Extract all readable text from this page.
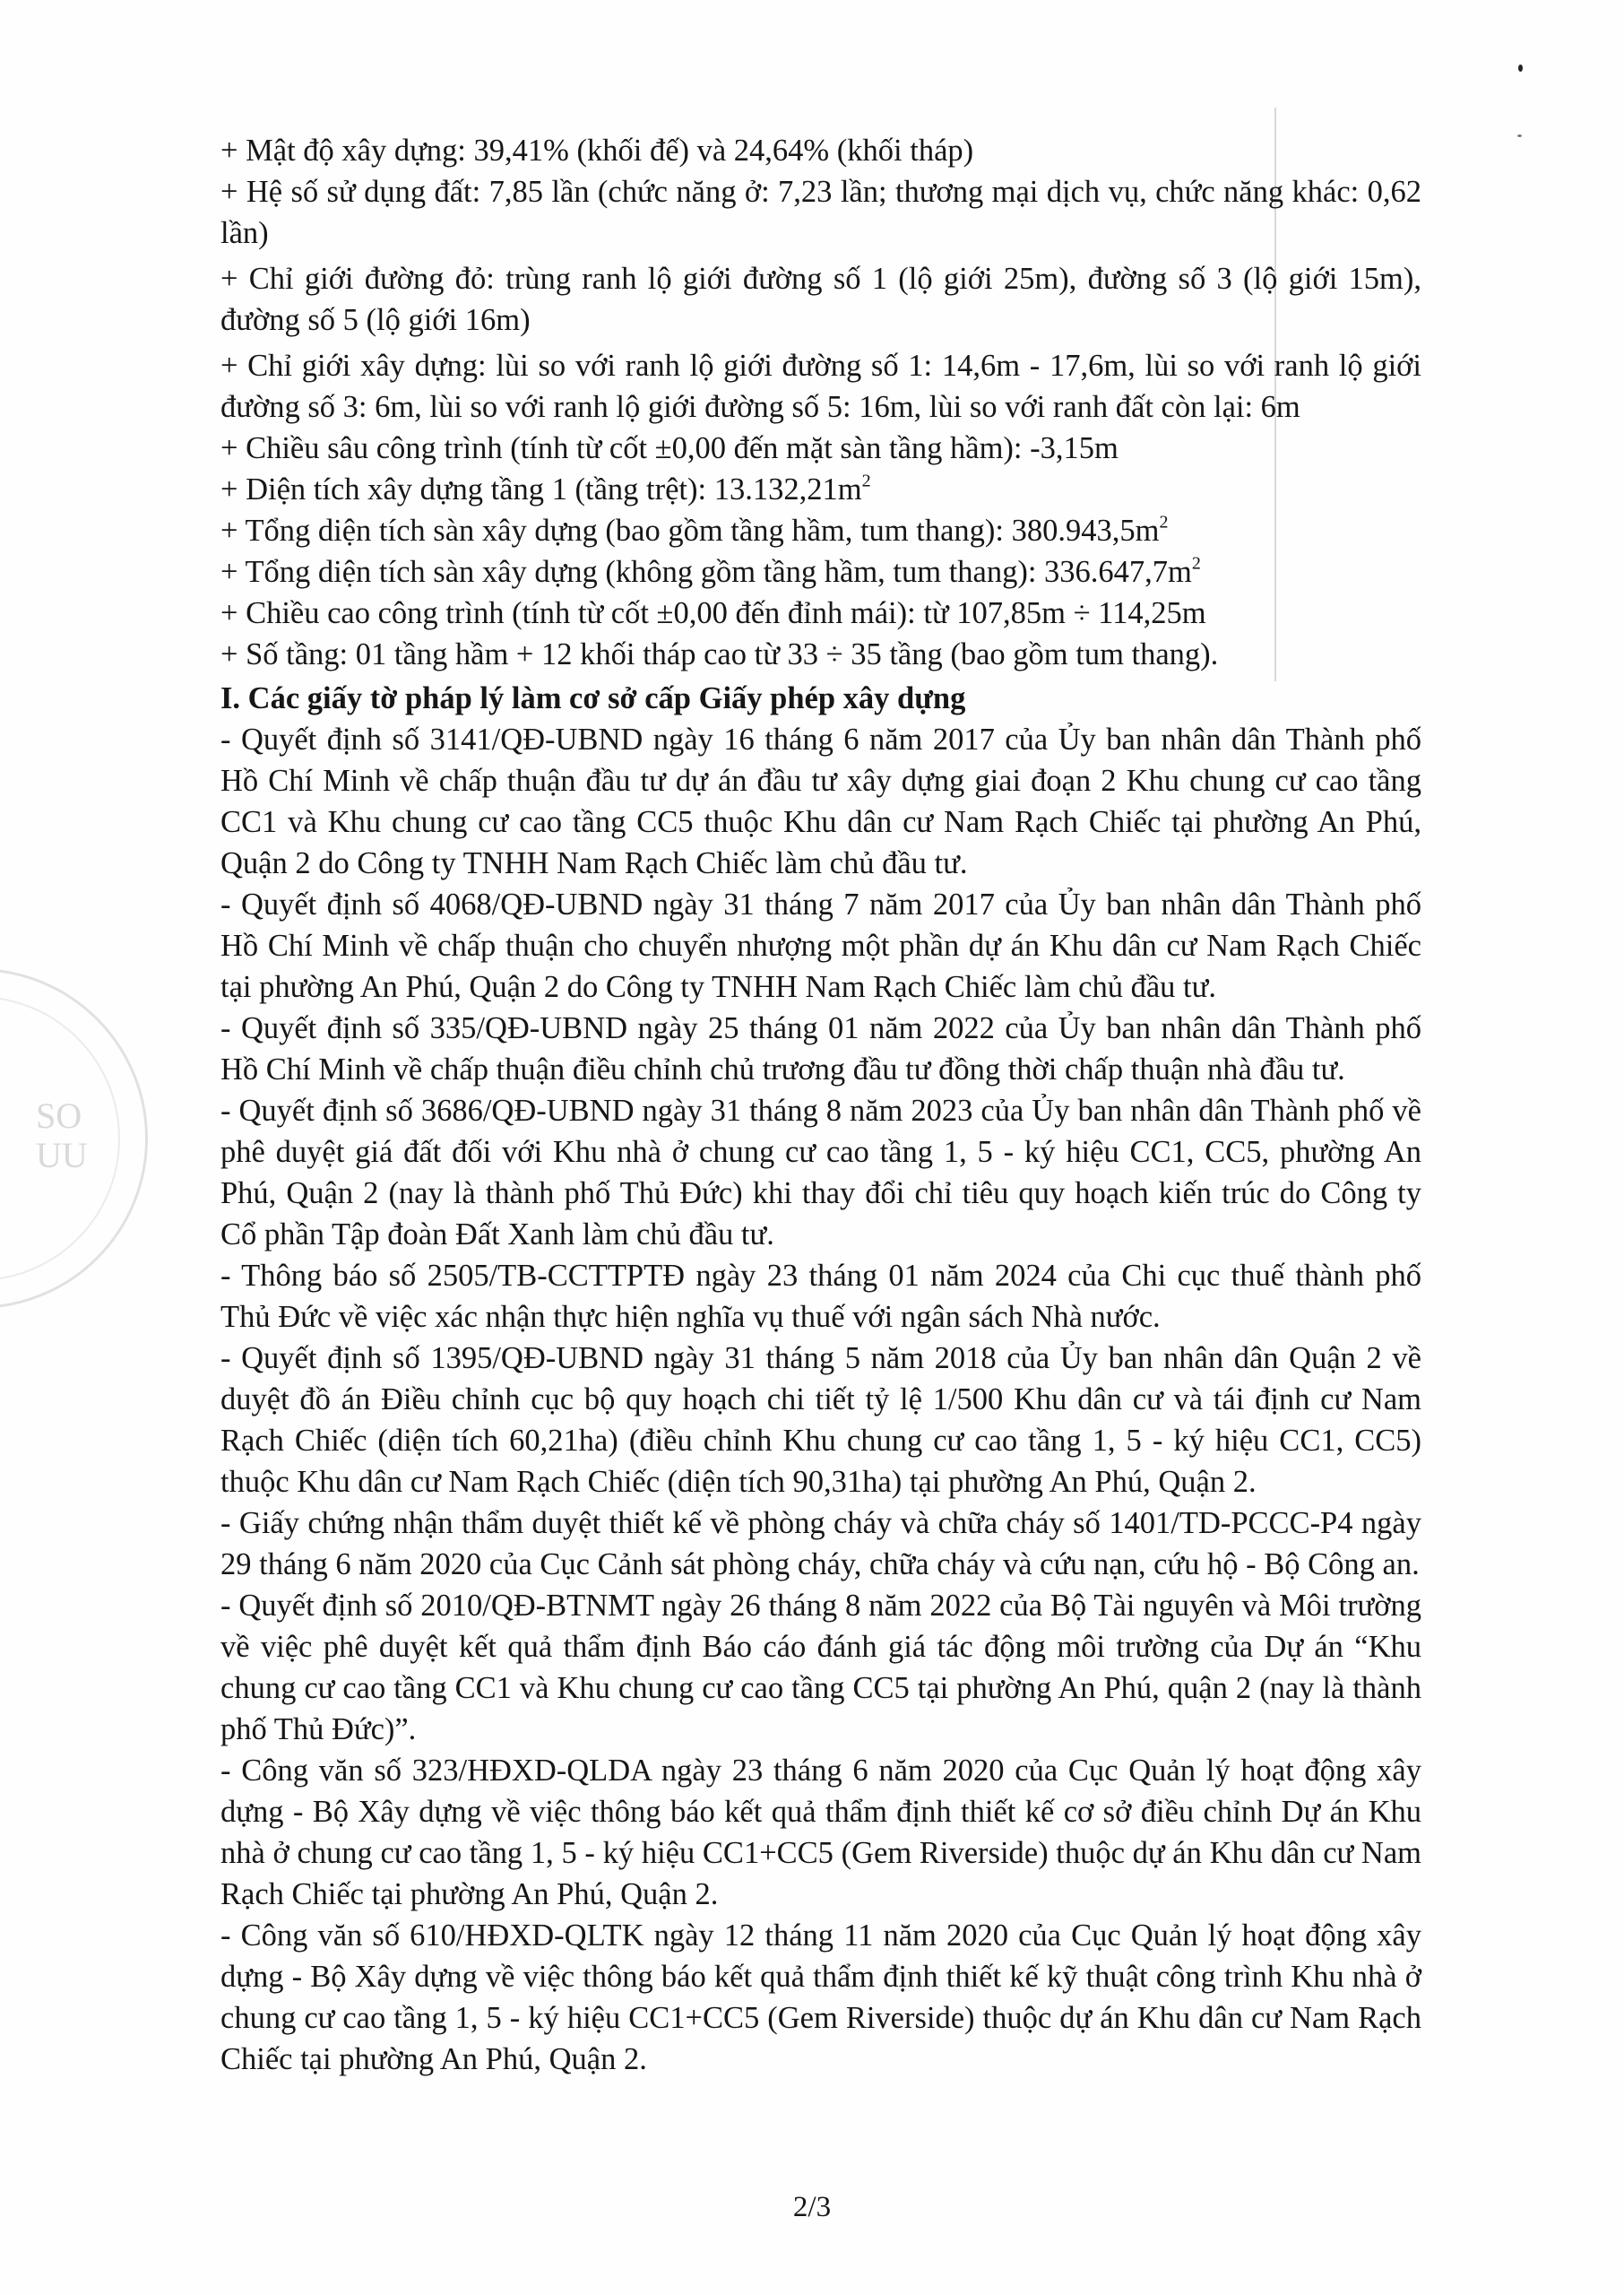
SO
UU

+ Mật độ xây dựng: 39,41% (khối đế) và 24,64% (khối tháp)

+ Hệ số sử dụng đất: 7,85 lần (chức năng ở: 7,23 lần; thương mại dịch vụ, chức năng khác: 0,62 lần)

+ Chỉ giới đường đỏ: trùng ranh lộ giới đường số 1 (lộ giới 25m), đường số 3 (lộ giới 15m), đường số 5 (lộ giới 16m)

+ Chỉ giới xây dựng: lùi so với ranh lộ giới đường số 1: 14,6m - 17,6m, lùi so với ranh lộ giới đường số 3: 6m, lùi so với ranh lộ giới đường số 5: 16m, lùi so với ranh đất còn lại: 6m

+ Chiều sâu công trình (tính từ cốt ±0,00 đến mặt sàn tầng hầm): -3,15m

+ Diện tích xây dựng tầng 1 (tầng trệt): $13.132,21m^2$

+ Tổng diện tích sàn xây dựng (bao gồm tầng hầm, tum thang): $380.943,5m^2$

+ Tổng diện tích sàn xây dựng (không gồm tầng hầm, tum thang): $336.647,7m^2$

+ Chiều cao công trình (tính từ cốt ±0,00 đến đỉnh mái): từ 107,85m ÷ 114,25m

+ Số tầng: 01 tầng hầm + 12 khối tháp cao từ 33 ÷ 35 tầng (bao gồm tum thang).

I. Các giấy tờ pháp lý làm cơ sở cấp Giấy phép xây dựng

- Quyết định số 3141/QĐ-UBND ngày 16 tháng 6 năm 2017 của Ủy ban nhân dân Thành phố Hồ Chí Minh về chấp thuận đầu tư dự án đầu tư xây dựng giai đoạn 2 Khu chung cư cao tầng CC1 và Khu chung cư cao tầng CC5 thuộc Khu dân cư Nam Rạch Chiếc tại phường An Phú, Quận 2 do Công ty TNHH Nam Rạch Chiếc làm chủ đầu tư.

- Quyết định số 4068/QĐ-UBND ngày 31 tháng 7 năm 2017 của Ủy ban nhân dân Thành phố Hồ Chí Minh về chấp thuận cho chuyển nhượng một phần dự án Khu dân cư Nam Rạch Chiếc tại phường An Phú, Quận 2 do Công ty TNHH Nam Rạch Chiếc làm chủ đầu tư.

- Quyết định số 335/QĐ-UBND ngày 25 tháng 01 năm 2022 của Ủy ban nhân dân Thành phố Hồ Chí Minh về chấp thuận điều chỉnh chủ trương đầu tư đồng thời chấp thuận nhà đầu tư.

- Quyết định số 3686/QĐ-UBND ngày 31 tháng 8 năm 2023 của Ủy ban nhân dân Thành phố về phê duyệt giá đất đối với Khu nhà ở chung cư cao tầng 1, 5 - ký hiệu CC1, CC5, phường An Phú, Quận 2 (nay là thành phố Thủ Đức) khi thay đổi chỉ tiêu quy hoạch kiến trúc do Công ty Cổ phần Tập đoàn Đất Xanh làm chủ đầu tư.

- Thông báo số 2505/TB-CCTTPTĐ ngày 23 tháng 01 năm 2024 của Chi cục thuế thành phố Thủ Đức về việc xác nhận thực hiện nghĩa vụ thuế với ngân sách Nhà nước.

- Quyết định số 1395/QĐ-UBND ngày 31 tháng 5 năm 2018 của Ủy ban nhân dân Quận 2 về duyệt đồ án Điều chỉnh cục bộ quy hoạch chi tiết tỷ lệ 1/500 Khu dân cư và tái định cư Nam Rạch Chiếc (diện tích 60,21ha) (điều chỉnh Khu chung cư cao tầng 1, 5 - ký hiệu CC1, CC5) thuộc Khu dân cư Nam Rạch Chiếc (diện tích 90,31ha) tại phường An Phú, Quận 2.

- Giấy chứng nhận thẩm duyệt thiết kế về phòng cháy và chữa cháy số 1401/TD-PCCC-P4 ngày 29 tháng 6 năm 2020 của Cục Cảnh sát phòng cháy, chữa cháy và cứu nạn, cứu hộ - Bộ Công an.

- Quyết định số 2010/QĐ-BTNMT ngày 26 tháng 8 năm 2022 của Bộ Tài nguyên và Môi trường về việc phê duyệt kết quả thẩm định Báo cáo đánh giá tác động môi trường của Dự án “Khu chung cư cao tầng CC1 và Khu chung cư cao tầng CC5 tại phường An Phú, quận 2 (nay là thành phố Thủ Đức)”.

- Công văn số 323/HĐXD-QLDA ngày 23 tháng 6 năm 2020 của Cục Quản lý hoạt động xây dựng - Bộ Xây dựng về việc thông báo kết quả thẩm định thiết kế cơ sở điều chỉnh Dự án Khu nhà ở chung cư cao tầng 1, 5 - ký hiệu CC1+CC5 (Gem Riverside) thuộc dự án Khu dân cư Nam Rạch Chiếc tại phường An Phú, Quận 2.

- Công văn số 610/HĐXD-QLTK ngày 12 tháng 11 năm 2020 của Cục Quản lý hoạt động xây dựng - Bộ Xây dựng về việc thông báo kết quả thẩm định thiết kế kỹ thuật công trình Khu nhà ở chung cư cao tầng 1, 5 - ký hiệu CC1+CC5 (Gem Riverside) thuộc dự án Khu dân cư Nam Rạch Chiếc tại phường An Phú, Quận 2.

2/3
